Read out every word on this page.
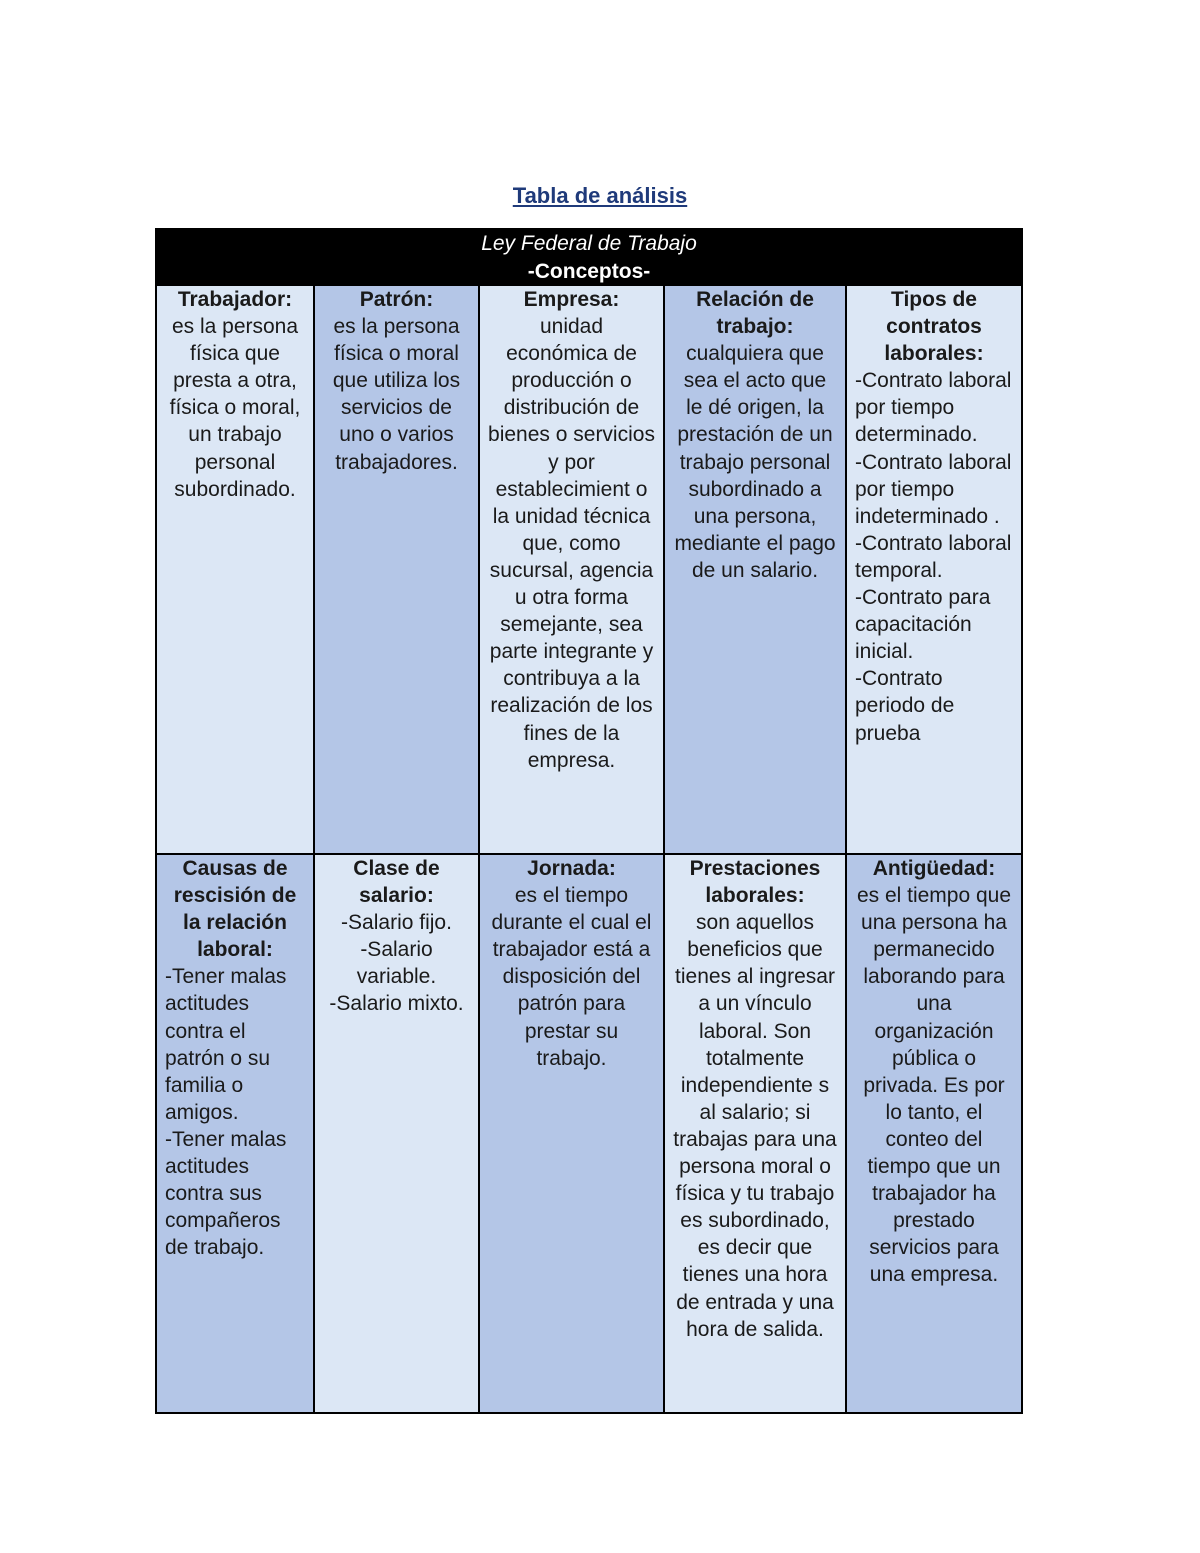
Tabla de análisis
Ley Federal de Trabajo
-Conceptos-
Trabajador:
es la persona física que presta a otra, física o moral, un trabajo personal subordinado.
Patrón:
es la persona física o moral que utiliza los servicios de uno o varios trabajadores.
Empresa:
unidad económica de producción o distribución de bienes o servicios y por establecimient o la unidad técnica que, como sucursal, agencia u otra forma semejante, sea parte integrante y contribuya a la realización de los fines de la empresa.
Relación de trabajo:
cualquiera que sea el acto que le dé origen, la prestación de un trabajo personal subordinado a una persona, mediante el pago de un salario.
Tipos de contratos laborales:
-Contrato laboral por tiempo determinado.
-Contrato laboral por tiempo indeterminado .
-Contrato laboral temporal.
-Contrato para capacitación inicial.
-Contrato periodo de prueba
Causas de rescisión de la relación laboral:
-Tener malas actitudes contra el patrón o su familia o amigos.
-Tener malas actitudes contra sus compañeros de trabajo.
Clase de salario:
-Salario fijo.
-Salario variable.
-Salario mixto.
Jornada:
es el tiempo durante el cual el trabajador está a disposición del patrón para prestar su trabajo.
Prestaciones laborales:
son aquellos beneficios que tienes al ingresar a un vínculo laboral. Son totalmente independiente s al salario; si trabajas para una persona moral o física y tu trabajo es subordinado, es decir que tienes una hora de entrada y una hora de salida.
Antigüedad:
es el tiempo que una persona ha permanecido laborando para una organización pública o privada. Es por lo tanto, el conteo del tiempo que un trabajador ha prestado servicios para una empresa.
